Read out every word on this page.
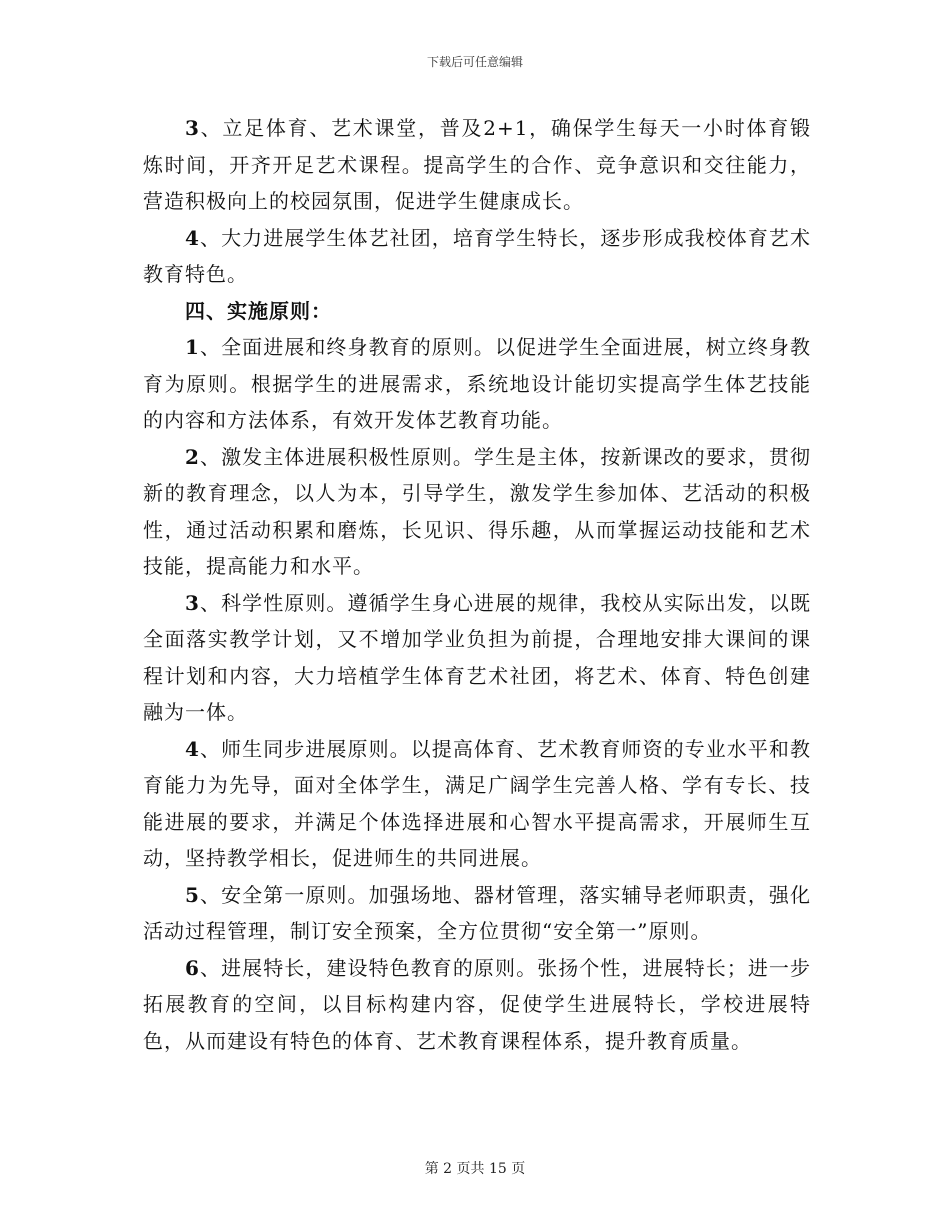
下载后可任意编辑

3、立足体育、艺术课堂，普及2+1，确保学生每天一小时体育锻炼时间，开齐开足艺术课程。提高学生的合作、竞争意识和交往能力，营造积极向上的校园氛围，促进学生健康成长。

4、大力进展学生体艺社团，培育学生特长，逐步形成我校体育艺术教育特色。

四、实施原则：

1、全面进展和终身教育的原则。以促进学生全面进展，树立终身教育为原则。根据学生的进展需求，系统地设计能切实提高学生体艺技能的内容和方法体系，有效开发体艺教育功能。

2、激发主体进展积极性原则。学生是主体，按新课改的要求，贯彻新的教育理念，以人为本，引导学生，激发学生参加体、艺活动的积极性，通过活动积累和磨炼，长见识、得乐趣，从而掌握运动技能和艺术技能，提高能力和水平。

3、科学性原则。遵循学生身心进展的规律，我校从实际出发，以既全面落实教学计划，又不增加学业负担为前提，合理地安排大课间的课程计划和内容，大力培植学生体育艺术社团，将艺术、体育、特色创建融为一体。

4、师生同步进展原则。以提高体育、艺术教育师资的专业水平和教育能力为先导，面对全体学生，满足广阔学生完善人格、学有专长、技能进展的要求，并满足个体选择进展和心智水平提高需求，开展师生互动，坚持教学相长，促进师生的共同进展。

5、安全第一原则。加强场地、器材管理，落实辅导老师职责，强化活动过程管理，制订安全预案，全方位贯彻“安全第一”原则。

6、进展特长，建设特色教育的原则。张扬个性，进展特长；进一步拓展教育的空间，以目标构建内容，促使学生进展特长，学校进展特色，从而建设有特色的体育、艺术教育课程体系，提升教育质量。

第 2 页共 15 页
